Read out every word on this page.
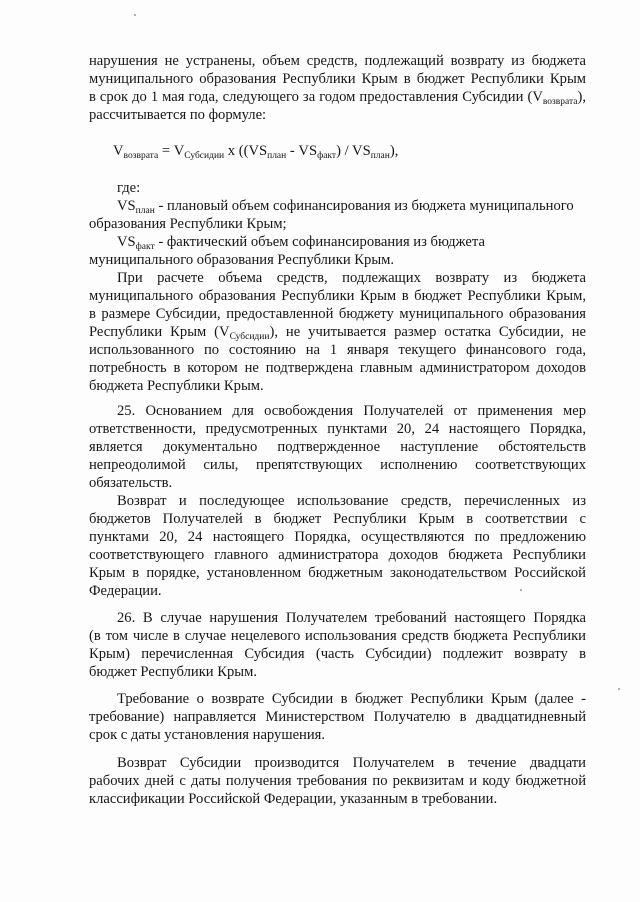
нарушения не устранены, объем средств, подлежащий возврату из бюджета
муниципального образования Республики Крым в бюджет Республики Крым
в срок до 1 мая года, следующего за годом предоставления Субсидии $(V_{возврата})$,
рассчитывается по формуле:
$V_{возврата} = V_{Субсидии}$ x $((VS_{план} - VS_{факт}) / VS_{план})$,
где:
$VS_{план}$ - плановый объем софинансирования из бюджета муниципального
образования Республики Крым;
$VS_{факт}$ - фактический объем софинансирования из бюджета
муниципального образования Республики Крым.
При расчете объема средств, подлежащих возврату из бюджета
муниципального образования Республики Крым в бюджет Республики Крым,
в размере Субсидии, предоставленной бюджету муниципального образования
Республики Крым $(V_{Субсидии})$, не учитывается размер остатка Субсидии, не
использованного по состоянию на 1 января текущего финансового года,
потребность в котором не подтверждена главным администратором доходов
бюджета Республики Крым.
25. Основанием для освобождения Получателей от применения мер
ответственности, предусмотренных пунктами 20, 24 настоящего Порядка,
является документально подтвержденное наступление обстоятельств
непреодолимой силы, препятствующих исполнению соответствующих
обязательств.
Возврат и последующее использование средств, перечисленных из
бюджетов Получателей в бюджет Республики Крым в соответствии с
пунктами 20, 24 настоящего Порядка, осуществляются по предложению
соответствующего главного администратора доходов бюджета Республики
Крым в порядке, установленном бюджетным законодательством Российской
Федерации.
26. В случае нарушения Получателем требований настоящего Порядка
(в том числе в случае нецелевого использования средств бюджета Республики
Крым) перечисленная Субсидия (часть Субсидии) подлежит возврату в
бюджет Республики Крым.
Требование о возврате Субсидии в бюджет Республики Крым (далее -
требование) направляется Министерством Получателю в двадцатидневный
срок с даты установления нарушения.
Возврат Субсидии производится Получателем в течение двадцати
рабочих дней с даты получения требования по реквизитам и коду бюджетной
классификации Российской Федерации, указанным в требовании.
